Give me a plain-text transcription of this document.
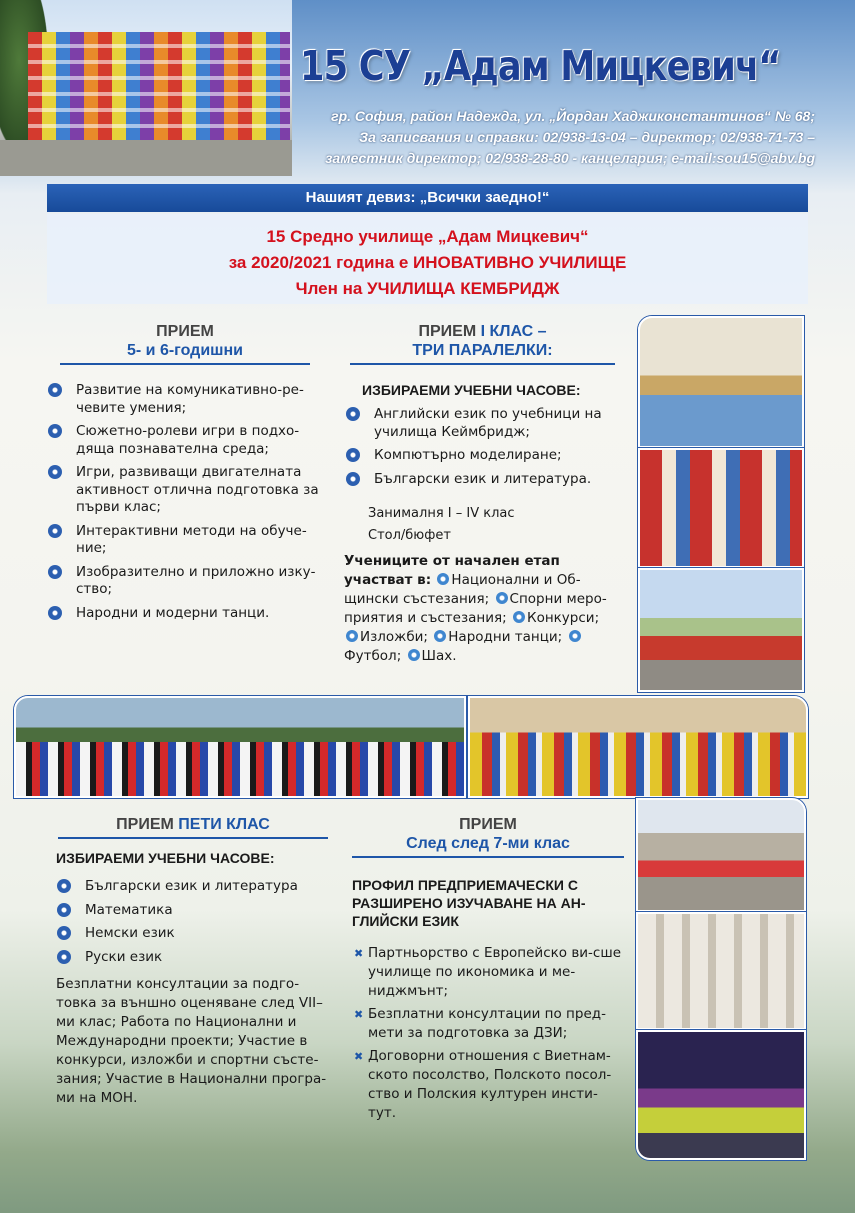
15 СУ „Адам Мицкевич“
гр. София, район Надежда, ул. „Йордан Хаджиконстантинов“ № 68;
За записвания и справки: 02/938-13-04 – директор; 02/938-71-73 –
заместник директор; 02/938-28-80 - канцелария; e-mail:sou15@abv.bg
Нашият девиз: „Всички заедно!“
15 Средно училище „Адам Мицкевич“
за 2020/2021 година е ИНОВАТИВНО УЧИЛИЩЕ
Член на УЧИЛИЩА КЕМБРИДЖ
ПРИЕМ
5- и 6-годишни
Развитие на комуникативно-ре-чевите умения;
Сюжетно-ролеви игри в подхо-дяща познавателна среда;
Игри, развиващи двигателната активност отлична подготовка за първи клас;
Интерактивни методи на обуче-ние;
Изобразително и приложно изку-ство;
Народни и модерни танци.
ПРИЕМ I КЛАС –
ТРИ ПАРАЛЕЛКИ:
ИЗБИРАЕМИ УЧЕБНИ ЧАСОВЕ:
Английски език по учебници на училища Кеймбридж;
Компютърно моделиране;
Български език и литература.
Занималня I – IV клас
Стол/бюфет
Учениците от начален етап участват в: Национални и Об-щински състезания; Спорни меро-приятия и състезания; Конкурси; Изложби; Народни танци; Футбол; Шах.
ПРИЕМ ПЕТИ КЛАС
ИЗБИРАЕМИ УЧЕБНИ ЧАСОВЕ:
Български език и литература
Математика
Немски език
Руски език
Безплатни консултации за подго-товка за външно оценяване след VII–ми клас; Работа по Национални и Международни проекти; Участие в конкурси, изложби и спортни състе-зания; Участие в Национални програ-ми на МОН.
ПРИЕМ
След след 7-ми клас
ПРОФИЛ ПРЕДПРИЕМАЧЕСКИ С РАЗШИРЕНО ИЗУЧАВАНЕ НА АН-ГЛИЙСКИ ЕЗИК
✖ Партньорство с Европейско ви-сше училище по икономика и ме-ниджмънт;
✖ Безплатни консултации по пред-мети за подготовка за ДЗИ;
✖ Договорни отношения с Виетнам-ското посолство, Полското посол-ство и Полския културен инсти-тут.
